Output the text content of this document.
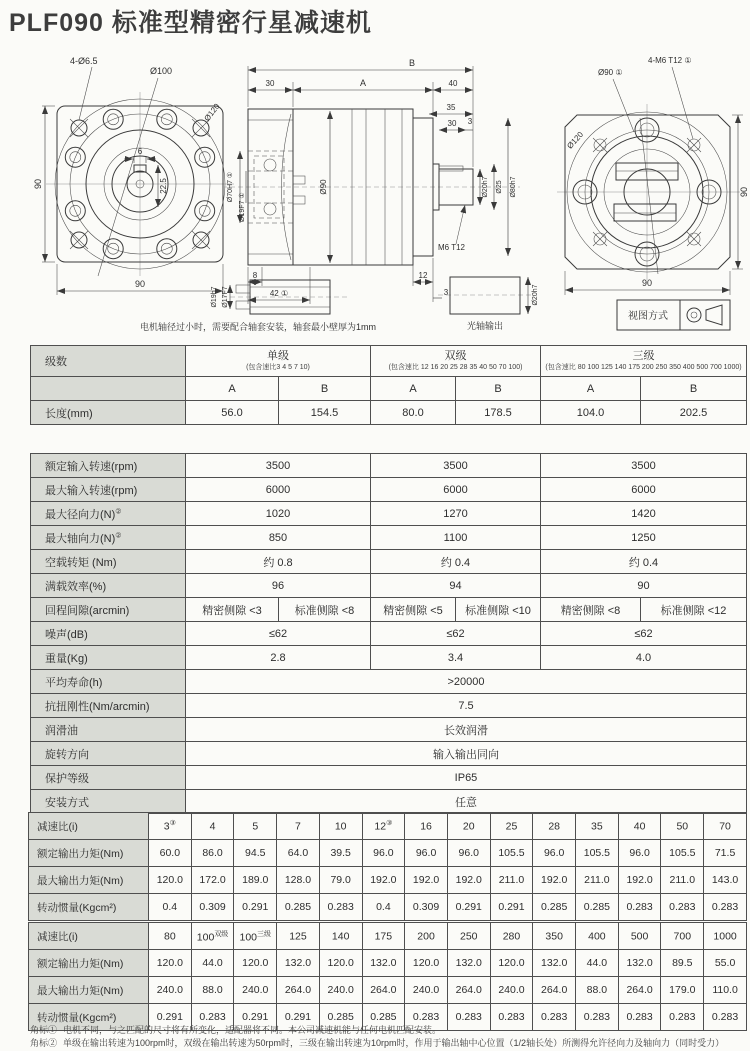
PLF090 标准型精密行星减速机
6
22.5
4-Ø6.5
Ø100
Ø120
90
90
M6 T12
B
30	A	40
35
30 3
Ø70H7 ①
Ø19F7 ①
Ø90	Ø20h7 Ø25 Ø80h7
8
42 ①
12
3
4-M6 T12 ①
Ø90 ①
Ø120
90
90
Ø19h7 Ø17F7
电机轴径过小时，需要配合轴套安装，轴套最小壁厚为1mm
Ø20h7
光轴输出
视图方式
级数	单级
(包含速比3 4 5 7 10)

双级
(包含速比 12 16 20 25 28 35 40 50 70 100)

三级
(包含速比 80 100 125 140 175 200 250 350 400 500 700 1000)

	A	B	A	B	A	B
长度(mm)	56.0	154.5	80.0	178.5	104.0	202.5

额定输入转速(rpm)	3500		3500		3500	
最大输入转速(rpm)	6000		6000		6000	
最大径向力(N)②	1020		1270		1420	
最大轴向力(N)②	850		1100		1250	
空载转矩 (Nm)	约 0.8		约 0.4		约 0.4	
满载效率(%)	96		94		90	
回程间隙(arcmin)	精密侧隙 <3	标准侧隙 <8	精密侧隙 <5	标准侧隙 <10	精密侧隙 <8	标准侧隙 <12
噪声(dB)	≤62		≤62		≤62	
重量(Kg)	2.8		3.4		4.0	
平均寿命(h)	>20000					
抗扭刚性(Nm/arcmin)	7.5					
润滑油	长效润滑					
旋转方向	输入输出同向					
保护等级	IP65					
安装方式	任意					
减速比(i)	3③	4	5	7	10	12③	16	20	25	28	35	40	50	70
额定输出力矩(Nm)	60.0	86.0	94.5	64.0	39.5	96.0	96.0	96.0	105.5	96.0	105.5	96.0	105.5	71.5
最大输出力矩(Nm)	120.0	172.0	189.0	128.0	79.0	192.0	192.0	192.0	211.0	192.0	211.0	192.0	211.0	143.0
转动惯量(Kgcm²)	0.4	0.309	0.291	0.285	0.283	0.4	0.309	0.291	0.291	0.285	0.285	0.283	0.283	0.283
减速比(i)	80	$100^{双级}$	$100^{三级}$	125	140	175	200	250	280	350	400	500	700	1000
额定输出力矩(Nm)	120.0	44.0	120.0	132.0	120.0	132.0	120.0	132.0	120.0	132.0	44.0	132.0	89.5	55.0
最大输出力矩(Nm)	240.0	88.0	240.0	264.0	240.0	264.0	240.0	264.0	240.0	264.0	88.0	264.0	179.0	110.0
转动惯量(Kgcm²)	0.291	0.283	0.291	0.291	0.285	0.285	0.283	0.283	0.283	0.283	0.283	0.283	0.283	0.283
角标① 电机不同，与之匹配的尺寸将有所变化，适配器将不同。本公司减速机能与任何电机匹配安装。
角标② 单级在输出转速为100rpm时，双级在输出转速为50rpm时，三级在输出转速为10rpm时，作用于输出轴中心位置（1/2轴长处）所测得允许径向力及轴向力（同时受力）
